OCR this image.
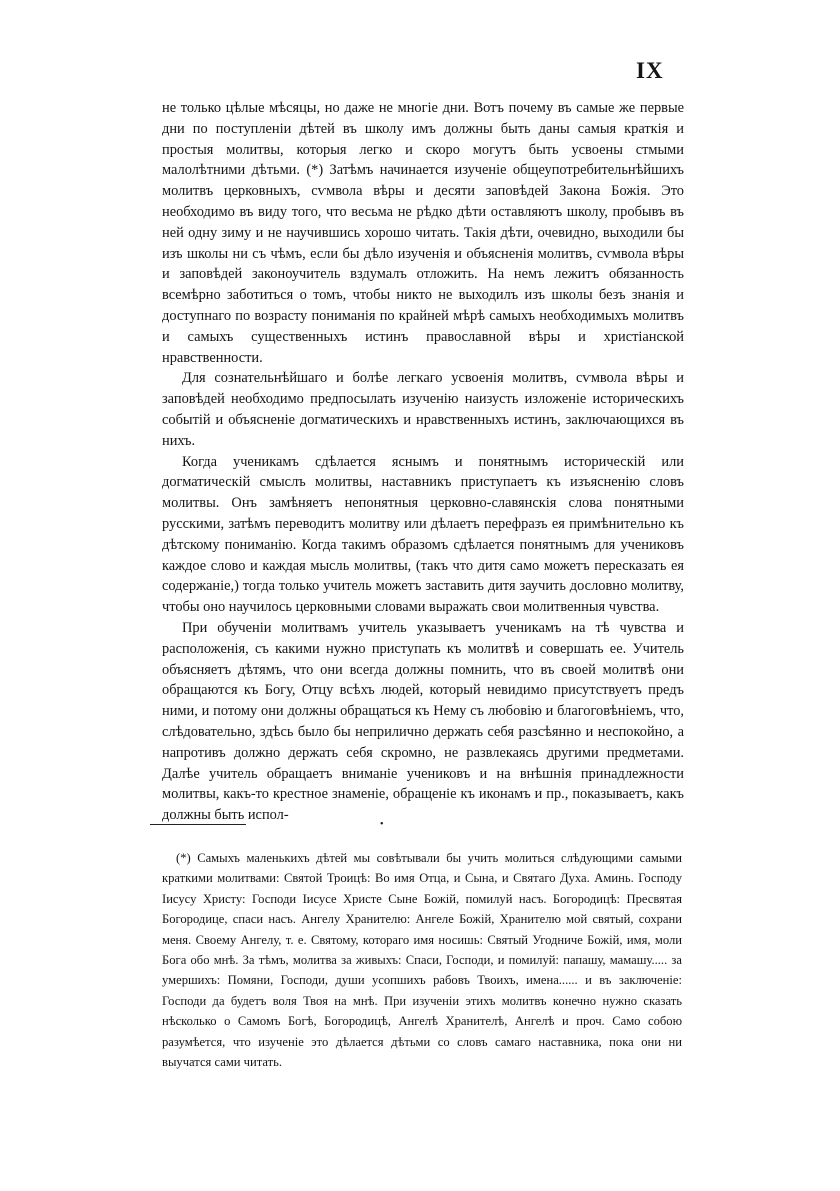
IX

не только цѣлые мѣсяцы, но даже не многіе дни. Вотъ почему въ самые же первые дни по поступленіи дѣтей въ школу имъ должны быть даны самыя краткія и простыя молитвы, которыя легко и скоро могутъ быть усвоены стмыми малолѣтними дѣтьми. (*) Затѣмъ начинается изученіе общеупотребительнѣйшихъ молитвъ церковныхъ, сѵмвола вѣры и десяти заповѣдей Закона Божія. Это необходимо въ виду того, что весьма не рѣдко дѣти оставляютъ школу, пробывъ въ ней одну зиму и не научившись хорошо читать. Такія дѣти, очевидно, выходили бы изъ школы ни съ чѣмъ, если бы дѣло изученія и объясненія молитвъ, сѵмвола вѣры и заповѣдей законоучитель вздумалъ отложить. На немъ лежитъ обязанность всемѣрно заботиться о томъ, чтобы никто не выходилъ изъ школы безъ знанія и доступнаго по возрасту пониманія по крайней мѣрѣ самыхъ необходимыхъ молитвъ и самыхъ существенныхъ истинъ православной вѣры и христіанской нравственности.

Для сознательнѣйшаго и болѣе легкаго усвоенія молитвъ, сѵмвола вѣры и заповѣдей необходимо предпосылать изученію наизусть изложеніе историческихъ событій и объясненіе догматическихъ и нравственныхъ истинъ, заключающихся въ нихъ.

Когда ученикамъ сдѣлается яснымъ и понятнымъ историческій или догматическій смыслъ молитвы, наставникъ приступаетъ къ изъясненію словъ молитвы. Онъ замѣняетъ непонятныя церковно-славянскія слова понятными русскими, затѣмъ переводитъ молитву или дѣлаетъ перефразъ ея примѣнительно къ дѣтскому пониманію. Когда такимъ образомъ сдѣлается понятнымъ для учениковъ каждое слово и каждая мысль молитвы, (такъ что дитя само можетъ пересказать ея содержаніе,) тогда только учитель можетъ заставить дитя заучить дословно молитву, чтобы оно научилось церковными словами выражать свои молитвенныя чувства.

При обученіи молитвамъ учитель указываетъ ученикамъ на тѣ чувства и расположенія, съ какими нужно приступать къ молитвѣ и совершать ее. Учитель объясняетъ дѣтямъ, что они всегда должны помнить, что въ своей молитвѣ они обращаются къ Богу, Отцу всѣхъ людей, который невидимо присутствуетъ предъ ними, и потому они должны обращаться къ Нему съ любовію и благоговѣніемъ, что, слѣдовательно, здѣсь было бы неприлично держать себя разсѣянно и неспокойно, а напротивъ должно держать себя скромно, не развлекаясь другими предметами. Далѣе учитель обращаетъ вниманіе учениковъ и на внѣшнія принадлежности молитвы, какъ-то крестное знаменіе, обращеніе къ иконамъ и пр., показываетъ, какъ должны быть испол-

•

(*) Самыхъ маленькихъ дѣтей мы совѣтывали бы учить молиться слѣдующими самыми краткими молитвами: Святой Троицѣ: Во имя Отца, и Сына, и Святаго Духа. Аминь. Господу Іисусу Христу: Господи Іисусе Христе Сыне Божій, помилуй насъ. Богородицѣ: Пресвятая Богородице, спаси насъ. Ангелу Хранителю: Ангеле Божій, Хранителю мой святый, сохрани меня. Своему Ангелу, т. е. Святому, котораго имя носишь: Святый Угодниче Божій, имя, моли Бога обо мнѣ. За тѣмъ, молитва за живыхъ: Спаси, Господи, и помилуй: папашу, мамашу..... за умершихъ: Помяни, Господи, души усопшихъ рабовъ Твоихъ, имена...... и въ заключеніе: Господи да будетъ воля Твоя на мнѣ. При изученіи этихъ молитвъ конечно нужно сказать нѣсколько о Самомъ Богѣ, Богородицѣ, Ангелѣ Хранителѣ, Ангелѣ и проч. Само собою разумѣется, что изученіе это дѣлается дѣтьми со словъ самаго наставника, пока они ни выучатся сами читать.
